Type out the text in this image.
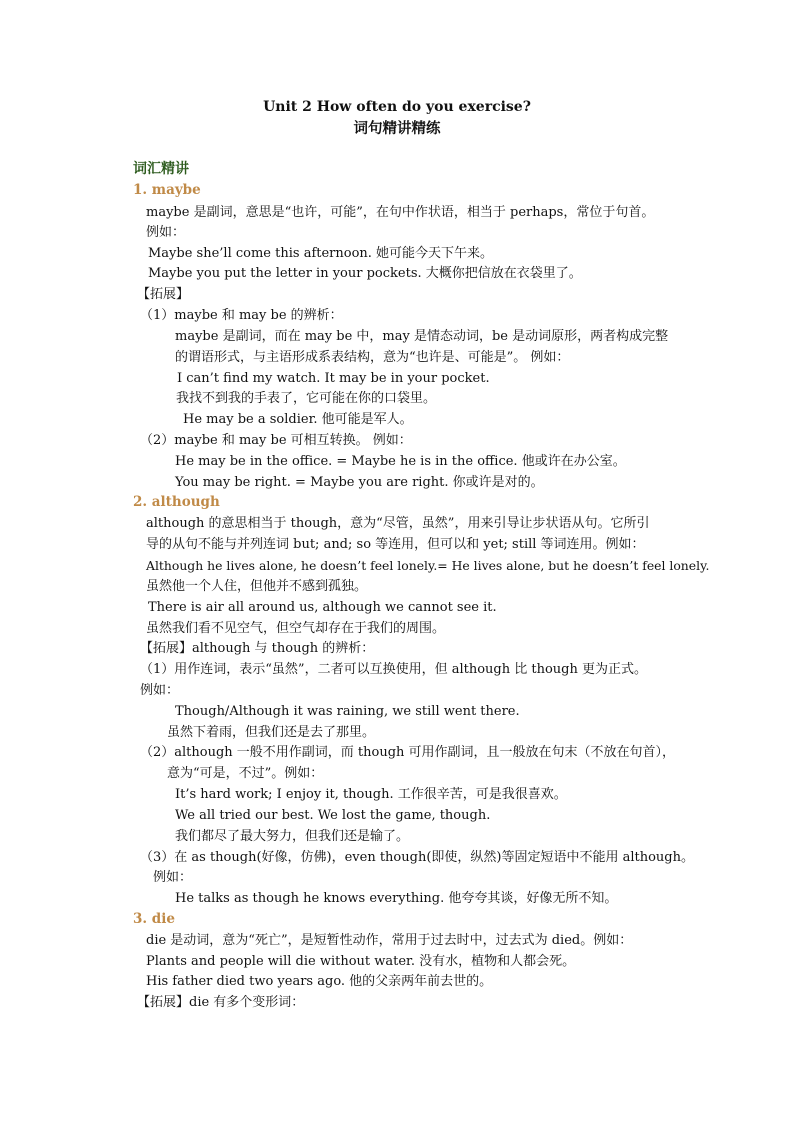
Unit 2 How often do you exercise?
词句精讲精练
词汇精讲
1. maybe
maybe 是副词，意思是“也许，可能”，在句中作状语，相当于 perhaps，常位于句首。
例如：
Maybe she’ll come this afternoon. 她可能今天下午来。
Maybe you put the letter in your pockets. 大概你把信放在衣袋里了。
【拓展】
（1）maybe 和 may be 的辨析：
maybe 是副词，而在 may be 中，may 是情态动词，be 是动词原形，两者构成完整
的谓语形式，与主语形成系表结构，意为“也许是、可能是”。 例如：
I can’t find my watch. It may be in your pocket.
我找不到我的手表了，它可能在你的口袋里。
He may be a soldier. 他可能是军人。
（2）maybe 和 may be 可相互转换。 例如：
He may be in the office. = Maybe he is in the office. 他或许在办公室。
You may be right. = Maybe you are right. 你或许是对的。
2. although
although 的意思相当于 though，意为“尽管，虽然”，用来引导让步状语从句。它所引
导的从句不能与并列连词 but; and; so 等连用，但可以和 yet; still 等词连用。例如：
Although he lives alone, he doesn’t feel lonely.= He lives alone, but he doesn’t feel lonely.
虽然他一个人住，但他并不感到孤独。
There is air all around us, although we cannot see it.
虽然我们看不见空气，但空气却存在于我们的周围。
【拓展】although 与 though 的辨析：
（1）用作连词，表示“虽然”，二者可以互换使用，但 although 比 though 更为正式。
例如：
Though/Although it was raining, we still went there.
虽然下着雨，但我们还是去了那里。
（2）although 一般不用作副词，而 though 可用作副词，且一般放在句末（不放在句首），
意为“可是，不过”。例如：
It’s hard work; I enjoy it, though. 工作很辛苦，可是我很喜欢。
We all tried our best. We lost the game, though.
我们都尽了最大努力，但我们还是输了。
（3）在 as though(好像，仿佛)，even though(即使，纵然)等固定短语中不能用 although。
例如：
He talks as though he knows everything. 他夸夸其谈，好像无所不知。
3. die
die 是动词，意为“死亡”，是短暂性动作，常用于过去时中，过去式为 died。例如：
Plants and people will die without water. 没有水，植物和人都会死。
His father died two years ago. 他的父亲两年前去世的。
【拓展】die 有多个变形词：
